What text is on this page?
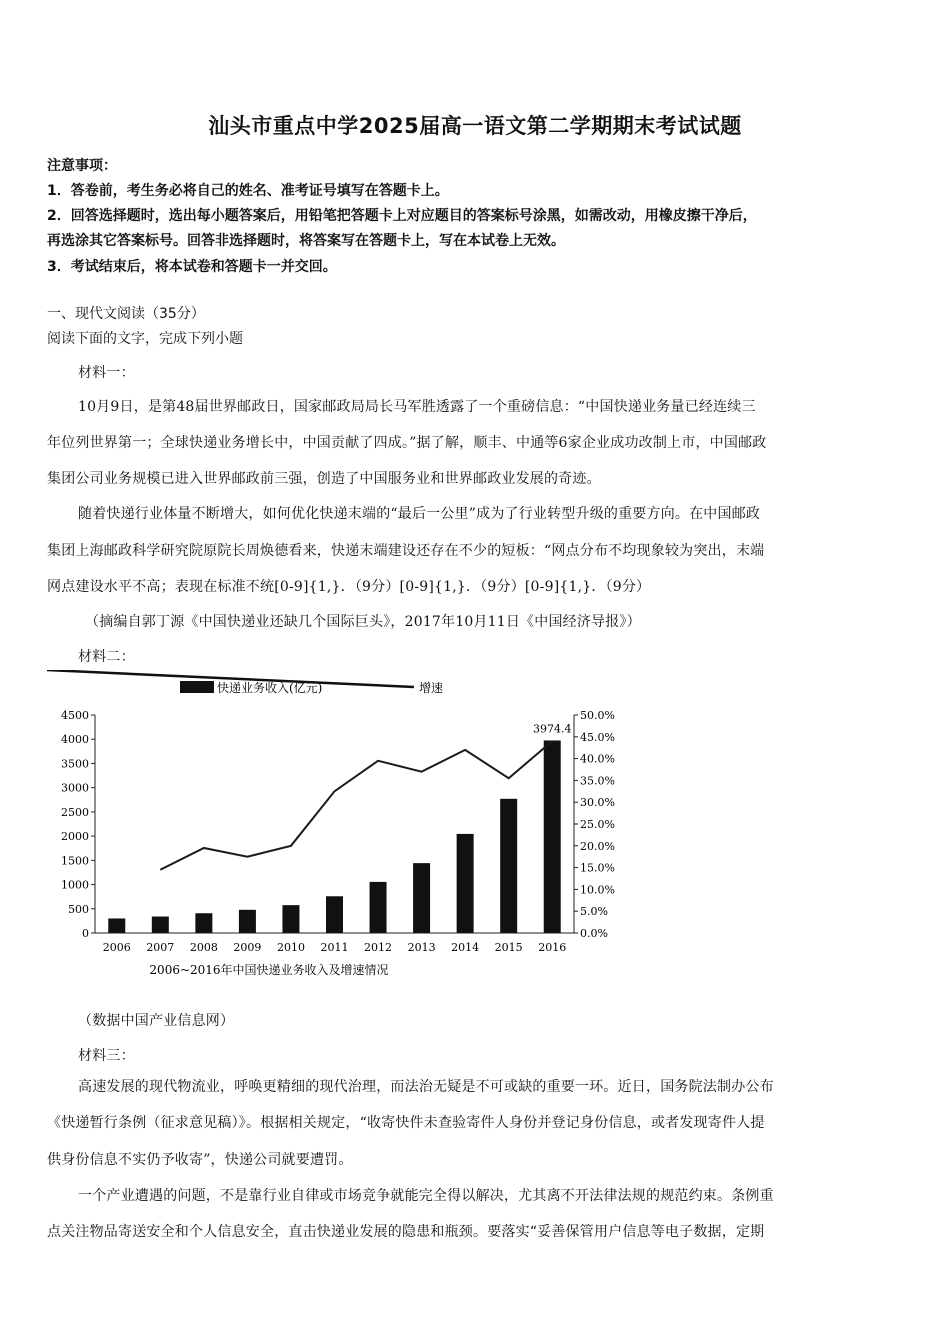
汕头市重点中学2025届高一语文第二学期期末考试试题
注意事项：
1．答卷前，考生务必将自己的姓名、准考证号填写在答题卡上。
2．回答选择题时，选出每小题答案后，用铅笔把答题卡上对应题目的答案标号涂黑，如需改动，用橡皮擦干净后，
再选涂其它答案标号。回答非选择题时，将答案写在答题卡上，写在本试卷上无效。
3．考试结束后，将本试卷和答题卡一并交回。
一、现代文阅读（35分）
阅读下面的文字，完成下列小题
材料一：
10月9日，是第48届世界邮政日，国家邮政局局长马军胜透露了一个重磅信息：“中国快递业务量已经连续三
年位列世界第一；全球快递业务增长中，中国贡献了四成。”据了解，顺丰、中通等6家企业成功改制上市，中国邮政
集团公司业务规模已进入世界邮政前三强，创造了中国服务业和世界邮政业发展的奇迹。
随着快递行业体量不断增大，如何优化快递末端的“最后一公里”成为了行业转型升级的重要方向。在中国邮政
集团上海邮政科学研究院原院长周焕德看来，快递末端建设还存在不少的短板：“网点分布不均现象较为突出，末端
网点建设水平不高；表现在标准不统[0-9]{1,}．（9分）[0-9]{1,}．（9分）[0-9]{1,}．（9分）
（摘编自郭丁源《中国快递业还缺几个国际巨头》，2017年10月11日《中国经济导报》）
材料二：
快递业务收入(亿元)	增速
0
500
1000
1500
2000
2500
3000
3500
4000
4500
0.0%
5.0%
10.0%
15.0%
20.0%
25.0%
30.0%
35.0%
40.0%
45.0%
50.0%
2006 2007 2008 2009 2010 2011 2012 2013 2014 2015 2016
3974.4
2006~2016年中国快递业务收入及增速情况
（数据中国产业信息网）
材料三：
高速发展的现代物流业，呼唤更精细的现代治理，而法治无疑是不可或缺的重要一环。近日，国务院法制办公布
《快递暂行条例（征求意见稿）》。根据相关规定，“收寄快件未查验寄件人身份并登记身份信息，或者发现寄件人提
供身份信息不实仍予收寄”，快递公司就要遭罚。
一个产业遭遇的问题，不是靠行业自律或市场竞争就能完全得以解决，尤其离不开法律法规的规范约束。条例重
点关注物品寄送安全和个人信息安全，直击快递业发展的隐患和瓶颈。要落实“妥善保管用户信息等电子数据，定期
